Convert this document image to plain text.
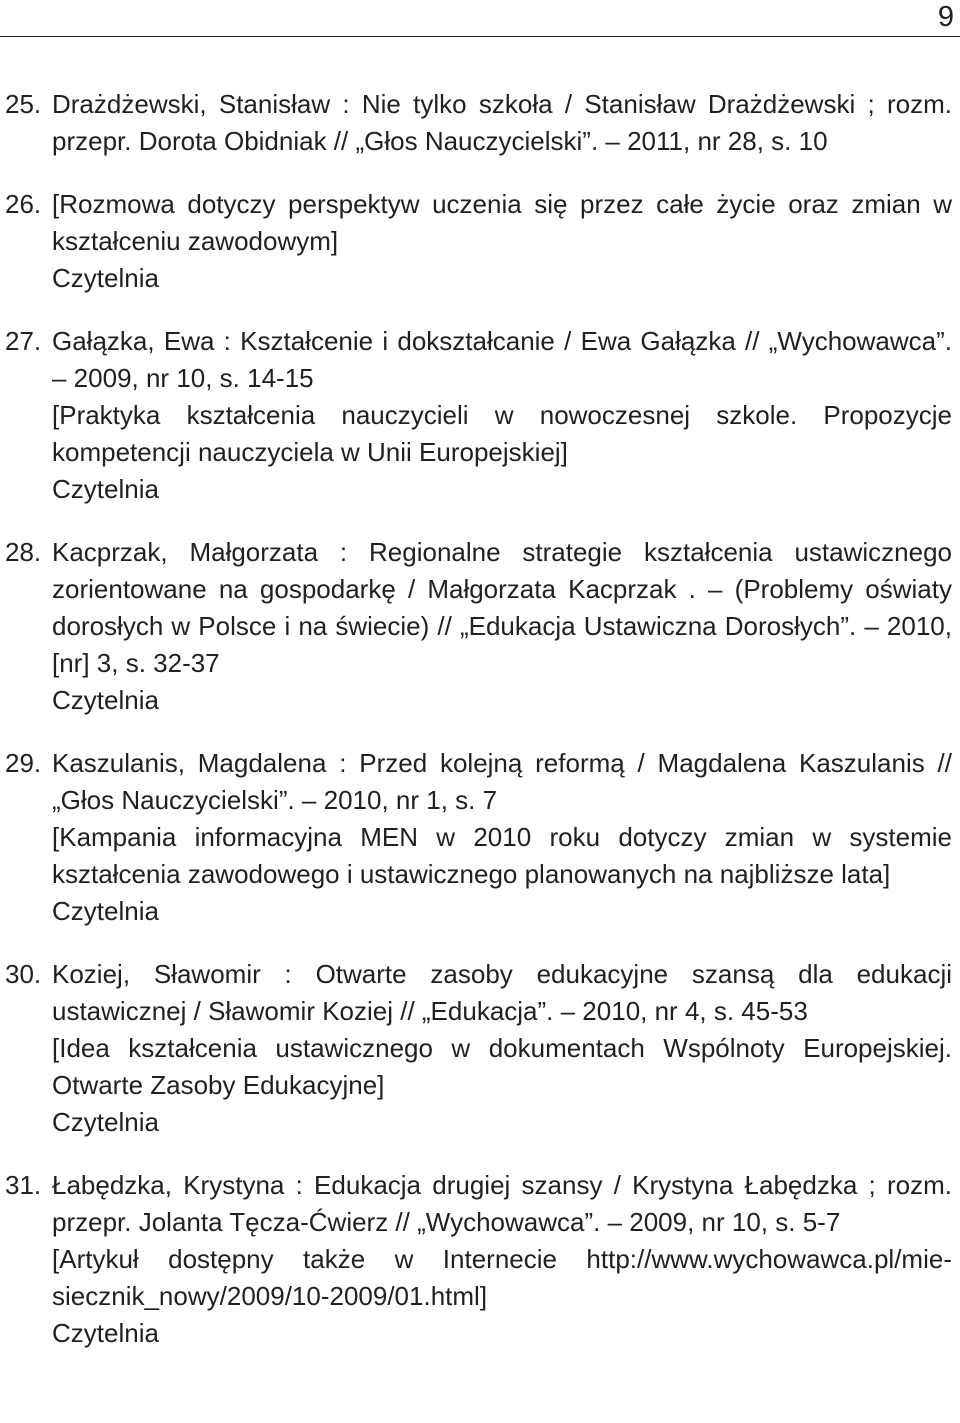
9
25. Drażdżewski, Stanisław : Nie tylko szkoła / Stanisław Drażdżewski ; rozm. przepr. Dorota Obidniak // „Głos Nauczycielski”. – 2011, nr 28, s. 10

26. [Rozmowa dotyczy perspektyw uczenia się przez całe życie oraz zmian w kształceniu zawodowym]

Czytelnia

27. Gałązka, Ewa : Kształcenie i dokształcanie / Ewa Gałązka // „Wychowawca”. – 2009, nr 10, s. 14-15

[Praktyka kształcenia nauczycieli w nowoczesnej szkole. Propozycje kompetencji nauczyciela w Unii Europejskiej]

Czytelnia

28. Kacprzak, Małgorzata : Regionalne strategie kształcenia ustawicznego zorientowane na gospodarkę / Małgorzata Kacprzak . – (Problemy oświaty dorosłych w Polsce i na świecie) // „Edukacja Ustawiczna Dorosłych”. – 2010, [nr] 3, s. 32-37

Czytelnia

29. Kaszulanis, Magdalena : Przed kolejną reformą / Magdalena Kaszulanis // „Głos Nauczycielski”. – 2010, nr 1, s. 7

[Kampania informacyjna MEN w 2010 roku dotyczy zmian w systemie kształcenia zawodowego i ustawicznego planowanych na najbliższe lata]

Czytelnia

30. Koziej, Sławomir : Otwarte zasoby edukacyjne szansą dla edukacji ustawicznej / Sławomir Koziej // „Edukacja”. – 2010, nr 4, s. 45-53

[Idea kształcenia ustawicznego w dokumentach Wspólnoty Europejskiej. Otwarte Zasoby Edukacyjne]

Czytelnia

31. Łabędzka, Krystyna : Edukacja drugiej szansy / Krystyna Łabędzka ; rozm. przepr. Jolanta Tęcza-Ćwierz // „Wychowawca”. – 2009, nr 10, s. 5-7

[Artykuł dostępny także w Internecie http://www.wychowawca.pl/miesiecznik_nowy/2009/10-2009/01.html]

Czytelnia
